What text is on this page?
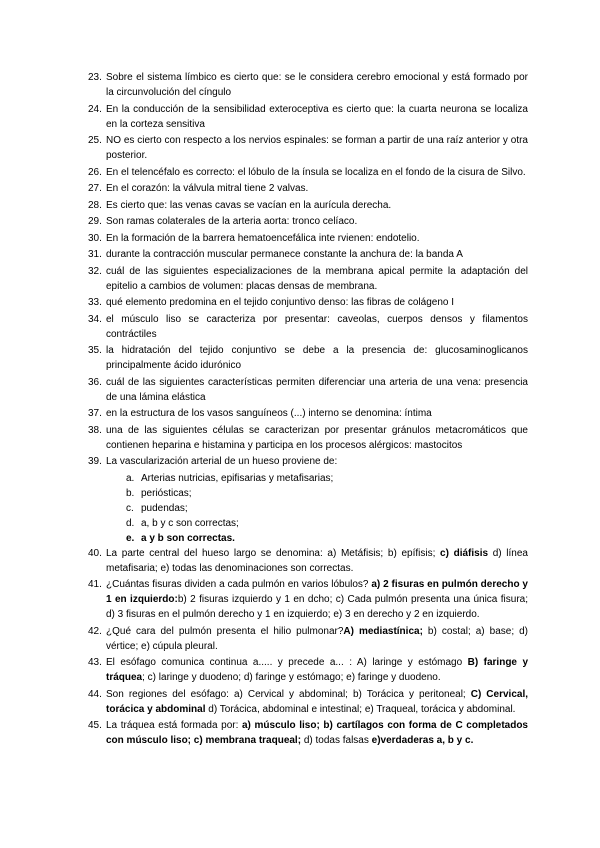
23. Sobre el sistema límbico es cierto que: se le considera cerebro emocional y está formado por la circunvolución del cíngulo
24. En la conducción de la sensibilidad exteroceptiva es cierto que: la cuarta neurona se localiza en la corteza sensitiva
25. NO es cierto con respecto a los nervios espinales: se forman a partir de una raíz anterior y otra posterior.
26. En el telencéfalo es correcto: el lóbulo de la ínsula se localiza en el fondo de la cisura de Silvo.
27. En el corazón: la válvula mitral tiene 2 valvas.
28. Es cierto que: las venas cavas se vacían en la aurícula derecha.
29. Son ramas colaterales de la arteria aorta: tronco celíaco.
30. En la formación de la barrera hematoencefálica inte rvienen: endotelio.
31. durante la contracción muscular permanece constante la anchura de: la banda A
32. cuál de las siguientes especializaciones de la membrana apical permite la adaptación del epitelio a cambios de volumen: placas densas de membrana.
33. qué elemento predomina en el tejido conjuntivo denso: las fibras de colágeno I
34. el músculo liso se caracteriza por presentar: caveolas, cuerpos densos y filamentos contráctiles
35. la hidratación del tejido conjuntivo se debe a la presencia de: glucosaminoglicanos principalmente ácido idurónico
36. cuál de las siguientes características permiten diferenciar una arteria de una vena: presencia de una lámina elástica
37. en la estructura de los vasos sanguíneos (...) interno se denomina: íntima
38. una de las siguientes células se caracterizan por presentar gránulos metacromáticos que contienen heparina e histamina y participa en los procesos alérgicos: mastocitos
39. La vascularización arterial de un hueso proviene de:
a. Arterias nutricias, epifisarias y metafisarias;
b. periósticas;
c. pudendas;
d. a, b y c son correctas;
e. a y b son correctas.
40. La parte central del hueso largo se denomina: a) Metáfisis; b) epífisis; c) diáfisis d) línea metafisaria; e) todas las denominaciones son correctas.
41. ¿Cuántas fisuras dividen a cada pulmón en varios lóbulos? a) 2 fisuras en pulmón derecho y 1 en izquierdo:b) 2 fisuras izquierdo y 1 en dcho; c) Cada pulmón presenta una única fisura; d) 3 fisuras en el pulmón derecho y 1 en izquierdo; e) 3 en derecho y 2 en izquierdo.
42. ¿Qué cara del pulmón presenta el hilio pulmonar?A) mediastínica; b) costal; a) base; d) vértice; e) cúpula pleural.
43. El esófago comunica continua a..... y precede a... : A) laringe y estómago B) faringe y tráquea; c) laringe y duodeno; d) faringe y estómago; e) faringe y duodeno.
44. Son regiones del esófago: a) Cervical y abdominal; b) Torácica y peritoneal; C) Cervical, torácica y abdominal d) Torácica, abdominal e intestinal; e) Traqueal, torácica y abdominal.
45. La tráquea está formada por: a) músculo liso; b) cartílagos con forma de C completados con músculo liso; c) membrana traqueal; d) todas falsas e)verdaderas a, b y c.
